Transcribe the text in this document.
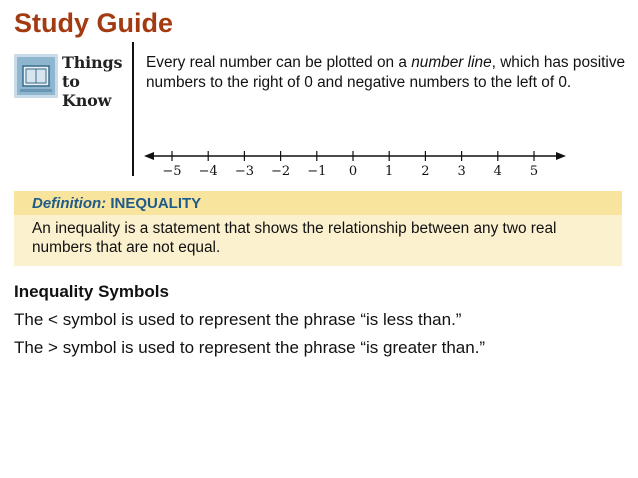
Study Guide
Things
to Know
Every real number can be plotted on a number line, which has positive numbers to the right of 0 and negative numbers to the left of 0.
−5 −4 −3 −2 −1 0 1 2 3 4 5
Definition: INEQUALITY
An inequality is a statement that shows the relationship between any two real numbers that are not equal.
Inequality Symbols
The < symbol is used to represent the phrase “is less than.”
The > symbol is used to represent the phrase “is greater than.”
